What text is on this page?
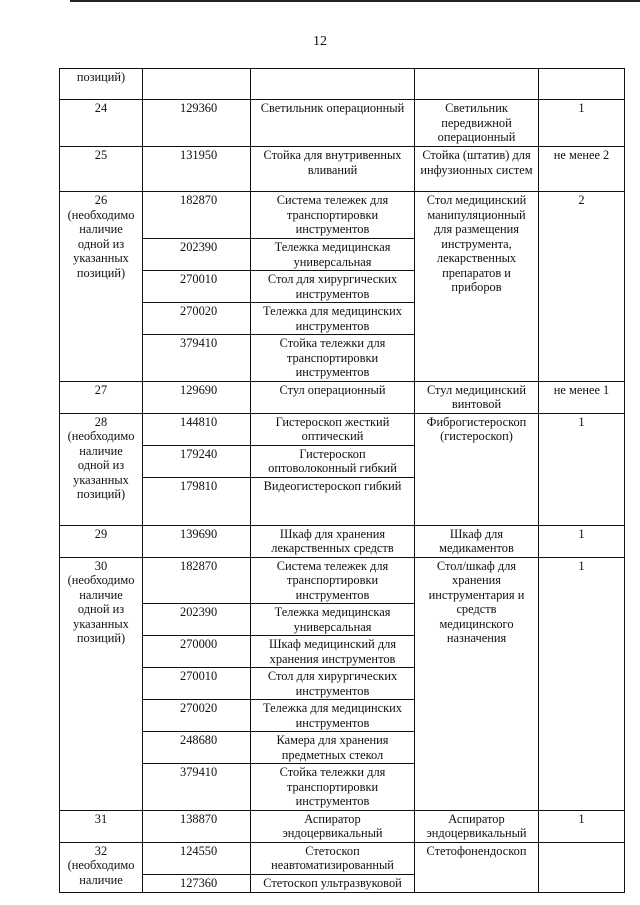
12
позиций)				
24	129360	Светильник операционный	Светильник передвижной операционный	1
25	131950	Стойка для внутривенных вливаний	Стойка (штатив) для инфузионных систем	не менее 2
26 (необходимо наличие одной из указанных позиций)	182870	Система тележек для транспортировки инструментов	Стол медицинский манипуляционный для размещения инструмента, лекарственных препаратов и приборов	2
	202390	Тележка медицинская универсальная		
	270010	Стол для хирургических инструментов		
	270020	Тележка для медицинских инструментов		
	379410	Стойка тележки для транспортировки инструментов		
27	129690	Стул операционный	Стул медицинский винтовой	не менее 1
28 (необходимо наличие одной из указанных позиций)	144810	Гистероскоп жесткий оптический	Фиброгистероскоп (гистероскоп)	1
	179240	Гистероскоп оптоволоконный гибкий		
	179810	Видеогистероскоп гибкий		
29	139690	Шкаф для хранения лекарственных средств	Шкаф для медикаментов	1
30 (необходимо наличие одной из указанных позиций)	182870	Система тележек для транспортировки инструментов	Стол/шкаф для хранения инструментария и средств медицинского назначения	1
	202390	Тележка медицинская универсальная		
	270000	Шкаф медицинский для хранения инструментов		
	270010	Стол для хирургических инструментов		
	270020	Тележка для медицинских инструментов		
	248680	Камера для хранения предметных стекол		
	379410	Стойка тележки для транспортировки инструментов		
31	138870	Аспиратор эндоцервикальный	Аспиратор эндоцервикальный	1
32 (необходимо наличие	124550	Стетоскоп неавтоматизированный	Стетофонендоскоп	
	127360	Стетоскоп ультразвуковой		
